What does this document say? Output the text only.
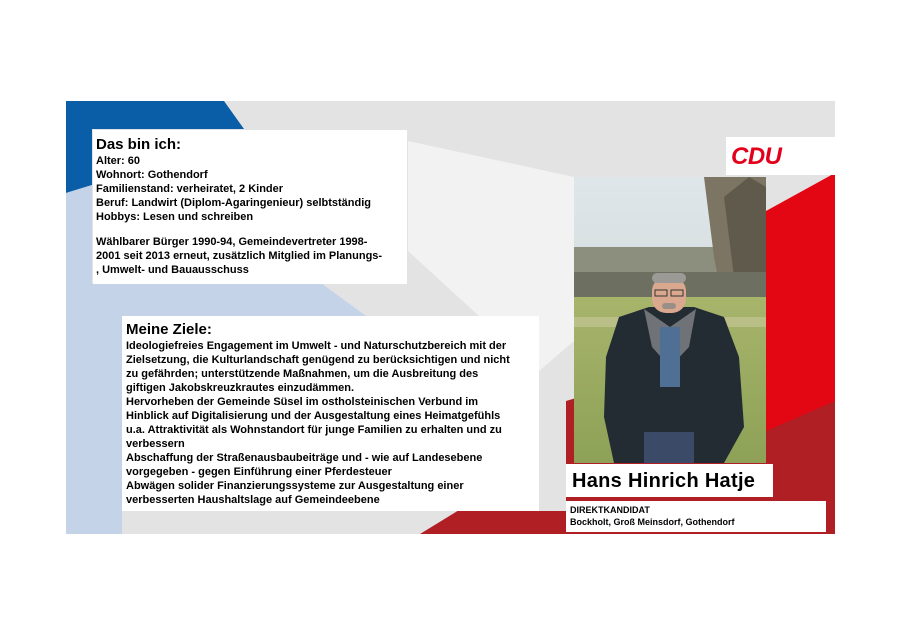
Das bin ich:

Alter: 60

Wohnort: Gothendorf

Familienstand: verheiratet, 2 Kinder

Beruf: Landwirt (Diplom-Agaringenieur) selbtständig

Hobbys: Lesen und schreiben

Wählbarer Bürger 1990-94, Gemeindevertreter 1998-

2001 seit 2013 erneut, zusätzlich Mitglied im Planungs-

, Umwelt- und Bauausschuss

Meine Ziele:

Ideologiefreies Engagement im Umwelt - und Naturschutzbereich mit der

Zielsetzung, die Kulturlandschaft genügend zu berücksichtigen und nicht

zu gefährden; unterstützende Maßnahmen, um die Ausbreitung des

giftigen Jakobskreuzkrautes einzudämmen.

Hervorheben der Gemeinde Süsel im ostholsteinischen Verbund im

Hinblick auf Digitalisierung und der Ausgestaltung eines Heimatgefühls

u.a. Attraktivität als Wohnstandort für junge Familien zu erhalten und zu

verbessern

Abschaffung der Straßenausbaubeiträge und - wie auf Landesebene

vorgegeben - gegen Einführung einer Pferdesteuer

Abwägen solider Finanzierungssysteme zur Ausgestaltung einer

verbesserten Haushaltslage auf Gemeindeebene

CDU
Hans Hinrich Hatje
DIREKTKANDIDAT
Bockholt, Groß Meinsdorf, Gothendorf
